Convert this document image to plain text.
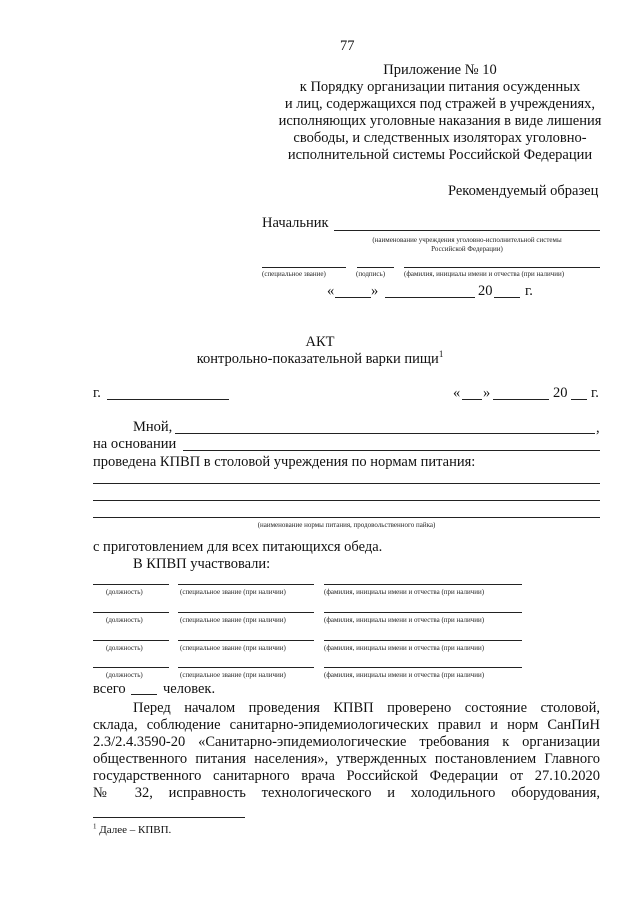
77
Приложение № 10
к Порядку организации питания осужденных
и лиц, содержащихся под стражей в учреждениях,
исполняющих уголовные наказания в виде лишения
свободы, и следственных изоляторах уголовно-
исполнительной системы Российской Федерации
Рекомендуемый образец
Начальник
(наименование учреждения уголовно-исполнительной системы
Российской Федерации)
(специальное звание)	(подпись)	(фамилия, инициалы имени и отчества (при наличии)
«	»	20 г.
АКТ
контрольно-показательной варки пищи$^1$
г.	« »	20 г.
Мной,	,
на основании
проведена КПВП в столовой учреждения по нормам питания:
(наименование нормы питания, продовольственного пайка)
с приготовлением для всех питающихся обеда.
В КПВП участвовали:
(должность)	(специальное звание (при наличии)	(фамилия, инициалы имени и отчества (при наличии)
(должность)	(специальное звание (при наличии)	(фамилия, инициалы имени и отчества (при наличии)
(должность)	(специальное звание (при наличии)	(фамилия, инициалы имени и отчества (при наличии)
(должность)	(специальное звание (при наличии)	(фамилия, инициалы имени и отчества (при наличии)
всего	человек.
Перед началом проведения КПВП проверено состояние столовой,
склада, соблюдение санитарно-эпидемиологических правил и норм СанПиН
2.3/2.4.3590-20 «Санитарно-эпидемиологические требования к организации
общественного питания населения», утвержденных постановлением Главного
государственного санитарного врача Российской Федерации от 27.10.2020
№ 32, исправность технологического и холодильного оборудования,
$^1$ Далее – КПВП.
